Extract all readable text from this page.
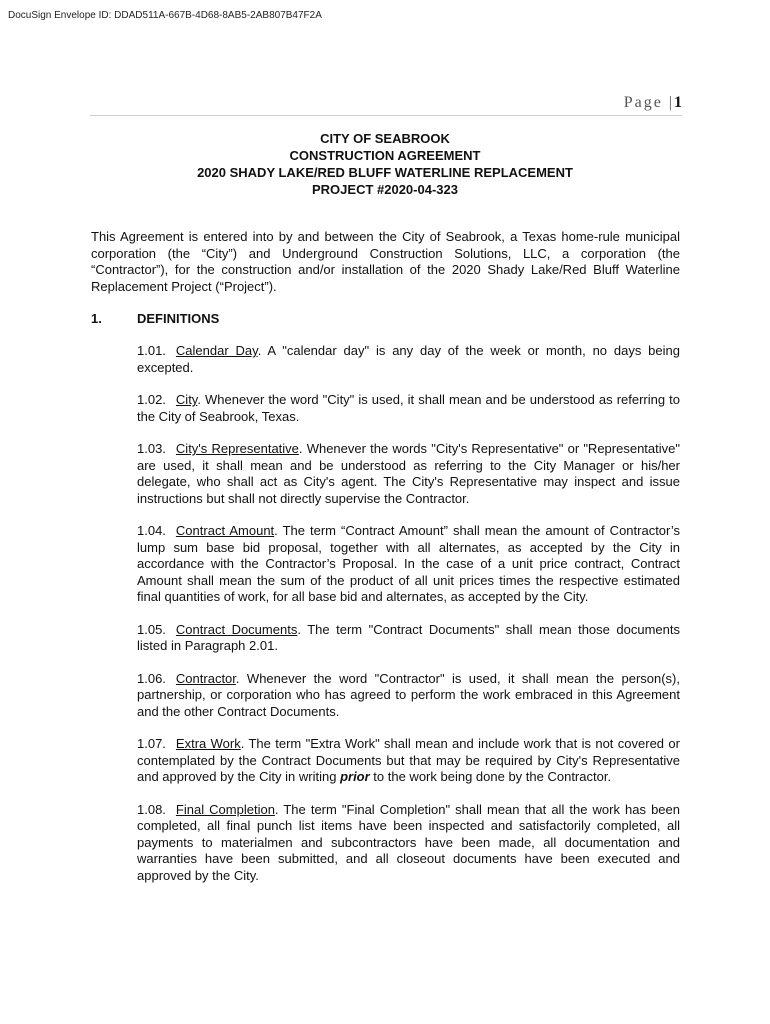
DocuSign Envelope ID: DDAD511A-667B-4D68-8AB5-2AB807B47F2A
Page |1
CITY OF SEABROOK
CONSTRUCTION AGREEMENT
2020 SHADY LAKE/RED BLUFF WATERLINE REPLACEMENT
PROJECT #2020-04-323
This Agreement is entered into by and between the City of Seabrook, a Texas home-rule municipal corporation (the “City”) and Underground Construction Solutions, LLC, a corporation (the “Contractor”), for the construction and/or installation of the 2020 Shady Lake/Red Bluff Waterline Replacement Project (“Project”).
1.	DEFINITIONS

1.01. Calendar Day. A "calendar day" is any day of the week or month, no days being excepted.

1.02. City. Whenever the word "City" is used, it shall mean and be understood as referring to the City of Seabrook, Texas.

1.03. City's Representative. Whenever the words "City's Representative" or "Representative" are used, it shall mean and be understood as referring to the City Manager or his/her delegate, who shall act as City's agent. The City's Representative may inspect and issue instructions but shall not directly supervise the Contractor.

1.04. Contract Amount. The term “Contract Amount” shall mean the amount of Contractor’s lump sum base bid proposal, together with all alternates, as accepted by the City in accordance with the Contractor’s Proposal. In the case of a unit price contract, Contract Amount shall mean the sum of the product of all unit prices times the respective estimated final quantities of work, for all base bid and alternates, as accepted by the City.

1.05. Contract Documents. The term "Contract Documents" shall mean those documents listed in Paragraph 2.01.

1.06. Contractor. Whenever the word "Contractor" is used, it shall mean the person(s), partnership, or corporation who has agreed to perform the work embraced in this Agreement and the other Contract Documents.

1.07. Extra Work. The term "Extra Work" shall mean and include work that is not covered or contemplated by the Contract Documents but that may be required by City's Representative and approved by the City in writing prior to the work being done by the Contractor.

1.08. Final Completion. The term "Final Completion" shall mean that all the work has been completed, all final punch list items have been inspected and satisfactorily completed, all payments to materialmen and subcontractors have been made, all documentation and warranties have been submitted, and all closeout documents have been executed and approved by the City.
